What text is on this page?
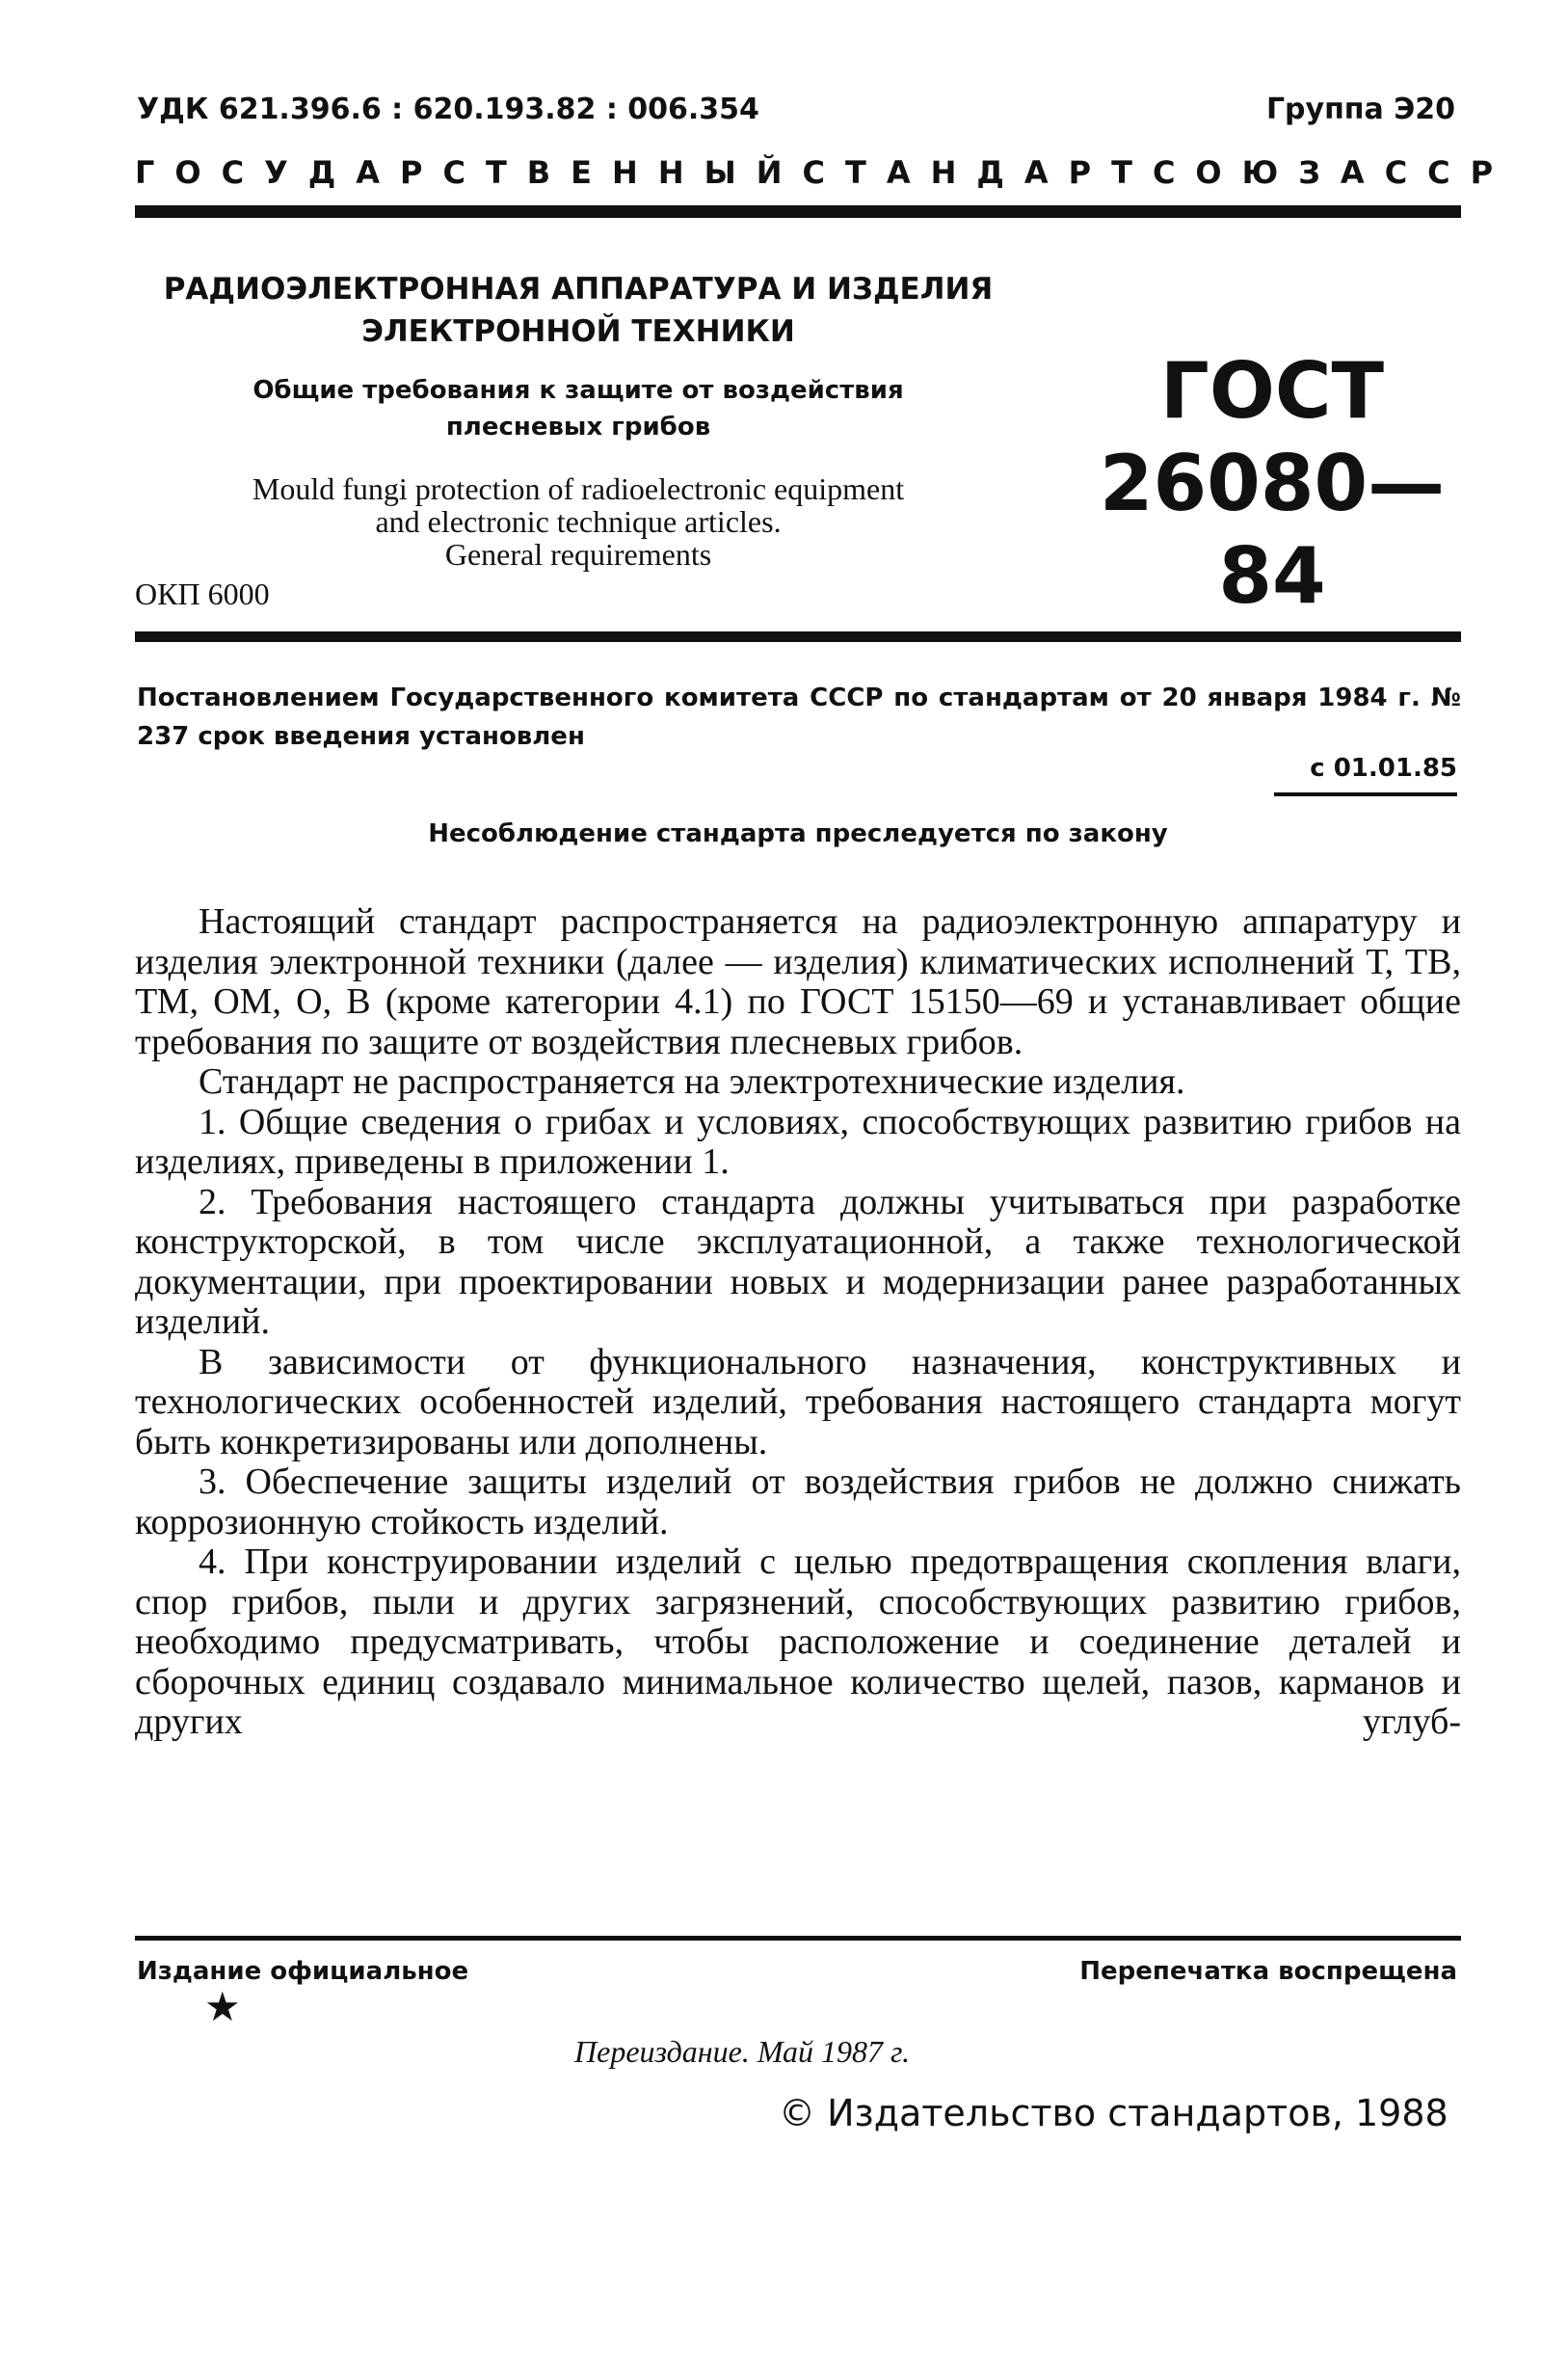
УДК 621.396.6 : 620.193.82 : 006.354	Группа Э20
ГОСУДАРСТВЕННЫЙ СТАНДАРТ СОЮЗА ССР
РАДИОЭЛЕКТРОННАЯ АППАРАТУРА И ИЗДЕЛИЯ
ЭЛЕКТРОННОЙ ТЕХНИКИ
Общие требования к защите от воздействия
плесневых грибов
Mould fungi protection of radioelectronic equipment
and electronic technique articles.
General requirements
ОКП 6000
ГОСТ
26080—84
Постановлением Государственного комитета СССР по стандартам от 20 января 1984 г. № 237 срок введения установлен
с 01.01.85
Несоблюдение стандарта преследуется по закону

Настоящий стандарт распространяется на радиоэлектронную аппаратуру и изделия электронной техники (далее — изделия) климатических исполнений Т, ТВ, ТМ, ОМ, О, В (кроме категории 4.1) по ГОСТ 15150—69 и устанавливает общие требования по защите от воздействия плесневых грибов.

Стандарт не распространяется на электротехнические изделия.

1. Общие сведения о грибах и условиях, способствующих развитию грибов на изделиях, приведены в приложении 1.

2. Требования настоящего стандарта должны учитываться при разработке конструкторской, в том числе эксплуатационной, а также технологической документации, при проектировании новых и модернизации ранее разработанных изделий.

В зависимости от функционального назначения, конструктивных и технологических особенностей изделий, требования настоящего стандарта могут быть конкретизированы или дополнены.

3. Обеспечение защиты изделий от воздействия грибов не должно снижать коррозионную стойкость изделий.

4. При конструировании изделий с целью предотвращения скопления влаги, спор грибов, пыли и других загрязнений, способствующих развитию грибов, необходимо предусматривать, чтобы расположение и соединение деталей и сборочных единиц создавало минимальное количество щелей, пазов, карманов и других углуб-

Издание официальное	Перепечатка воспрещена
★
Переиздание. Май 1987 г.
© Издательство стандартов, 1988
